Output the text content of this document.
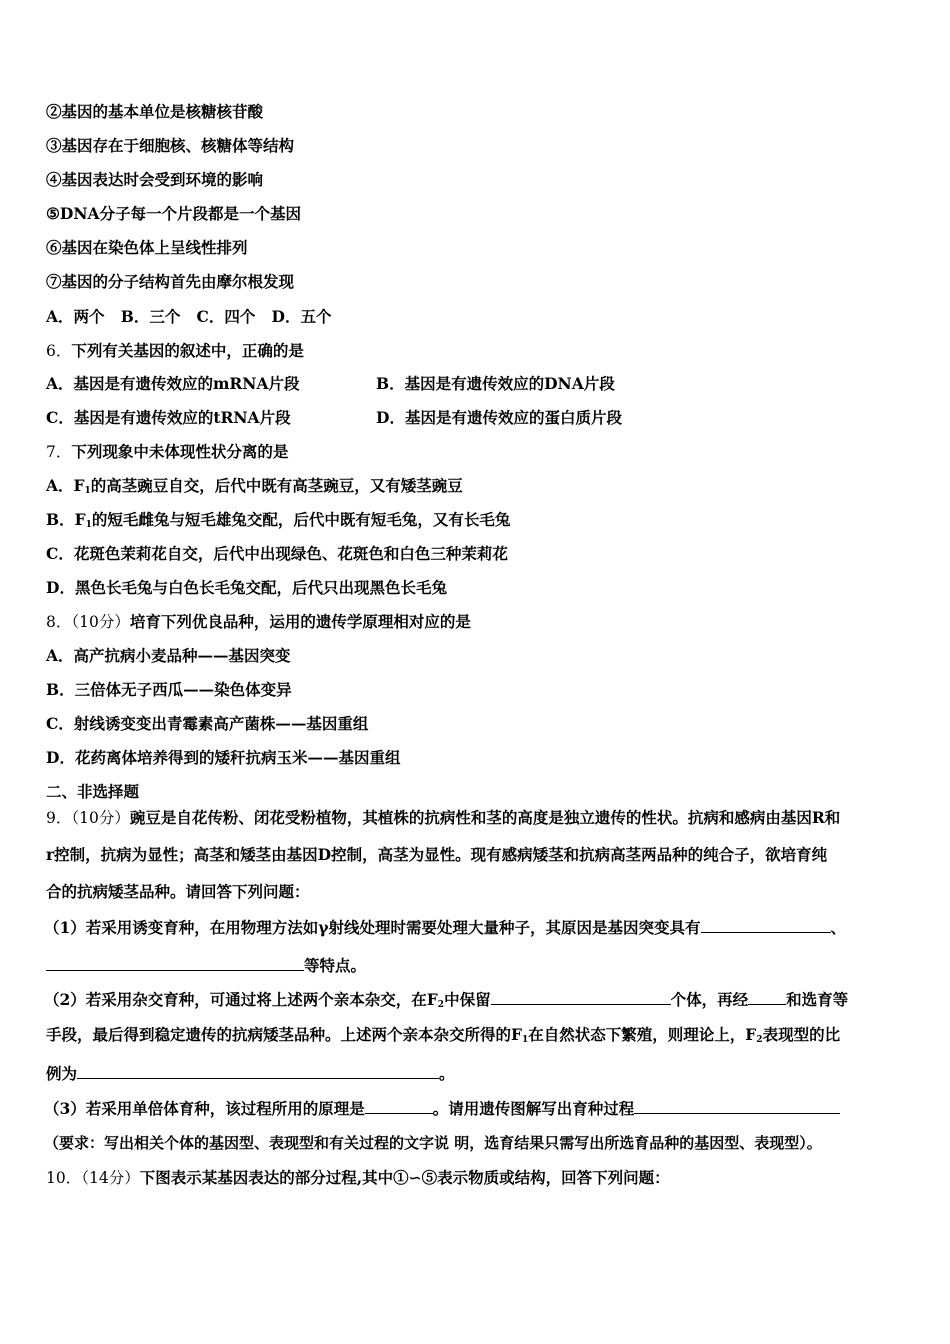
②基因的基本单位是核糖核苷酸
③基因存在于细胞核、核糖体等结构
④基因表达时会受到环境的影响
⑤DNA分子每一个片段都是一个基因
⑥基因在染色体上呈线性排列
⑦基因的分子结构首先由摩尔根发现
A．两个   B．三个   C．四个   D．五个
6．下列有关基因的叙述中，正确的是
A．基因是有遗传效应的mRNA片段	B．基因是有遗传效应的DNA片段
C．基因是有遗传效应的tRNA片段	D．基因是有遗传效应的蛋白质片段
7．下列现象中未体现性状分离的是
A．$F_1$的高茎豌豆自交，后代中既有高茎豌豆，又有矮茎豌豆
B．$F_1$的短毛雌兔与短毛雄兔交配，后代中既有短毛兔，又有长毛兔
C．花斑色茉莉花自交，后代中出现绿色、花斑色和白色三种茉莉花
D．黑色长毛兔与白色长毛兔交配，后代只出现黑色长毛兔
8．（10分）培育下列优良品种，运用的遗传学原理相对应的是
A．高产抗病小麦品种——基因突变
B．三倍体无子西瓜——染色体变异
C．射线诱变变出青霉素高产菌株——基因重组
D．花药离体培养得到的矮秆抗病玉米——基因重组
二、非选择题
9．（10分）豌豆是自花传粉、闭花受粉植物，其植株的抗病性和茎的高度是独立遗传的性状。抗病和感病由基因R和
r控制，抗病为显性；高茎和矮茎由基因D控制，高茎为显性。现有感病矮茎和抗病高茎两品种的纯合子，欲培育纯
合的抗病矮茎品种。请回答下列问题：
（1）若采用诱变育种，在用物理方法如γ射线处理时需要处理大量种子，其原因是基因突变具有	、
等特点。
（2）若采用杂交育种，可通过将上述两个亲本杂交，在$F_2$中保留	个体，再经 和选育等
手段，最后得到稳定遗传的抗病矮茎品种。上述两个亲本杂交所得的$F_1$在自然状态下繁殖，则理论上，$F_2$表现型的比
例为	。
（3）若采用单倍体育种，该过程所用的原理是	。请用遗传图解写出育种过程
（要求：写出相关个体的基因型、表现型和有关过程的文字说 明，选育结果只需写出所选育品种的基因型、表现型）。
10．（14分）下图表示某基因表达的部分过程,其中①∽⑤表示物质或结构，回答下列问题：
